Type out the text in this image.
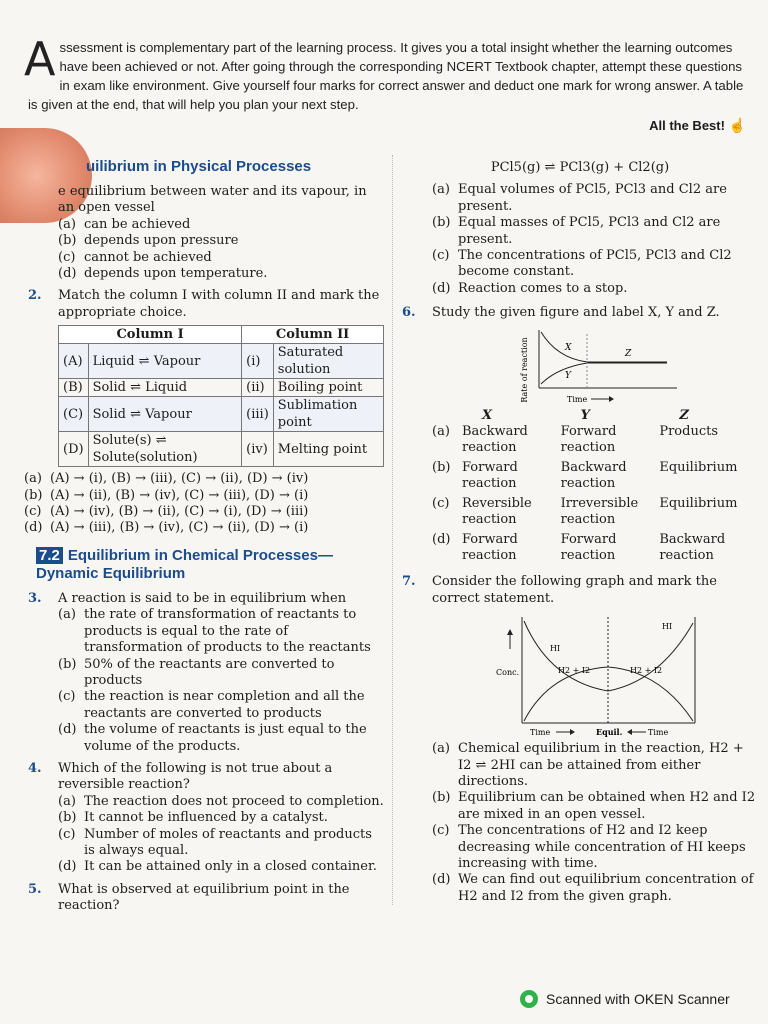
A ssessment is complementary part of the learning process. It gives you a total insight whether the learning outcomes have been achieved or not. After going through the corresponding NCERT Textbook chapter, attempt these questions in exam like environment. Give yourself four marks for correct answer and deduct one mark for wrong answer. A table is given at the end, that will help you plan your next step.
All the Best! ☝
uilibrium in Physical Processes
e equilibrium between water and its vapour, in an open vessel
(a) can be achieved
(b) depends upon pressure
(c) cannot be achieved
(d) depends upon temperature.
2. Match the column I with column II and mark the appropriate choice.
Column I		Column II	
(A)	Liquid ⇌ Vapour	(i)	Saturated solution
(B)	Solid ⇌ Liquid	(ii)	Boiling point
(C)	Solid ⇌ Vapour	(iii)	Sublimation point
(D)	Solute(s) ⇌ Solute(solution)	(iv)	Melting point
(a) (A) → (i), (B) → (iii), (C) → (ii), (D) → (iv)
(b) (A) → (ii), (B) → (iv), (C) → (iii), (D) → (i)
(c) (A) → (iv), (B) → (ii), (C) → (i), (D) → (iii)
(d) (A) → (iii), (B) → (iv), (C) → (ii), (D) → (i)
7.2 Equilibrium in Chemical Processes— Dynamic Equilibrium
3. A reaction is said to be in equilibrium when
(a) the rate of transformation of reactants to products is equal to the rate of transformation of products to the reactants
(b) 50% of the reactants are converted to products
(c) the reaction is near completion and all the reactants are converted to products
(d) the volume of reactants is just equal to the volume of the products.
4. Which of the following is not true about a reversible reaction?
(a) The reaction does not proceed to completion.
(b) It cannot be influenced by a catalyst.
(c) Number of moles of reactants and products is always equal.
(d) It can be attained only in a closed container.
5. What is observed at equilibrium point in the reaction?
PCl5(g) ⇌ PCl3(g) + Cl2(g)
(a) Equal volumes of PCl5, PCl3 and Cl2 are present.
(b) Equal masses of PCl5, PCl3 and Cl2 are present.
(c) The concentrations of PCl5, PCl3 and Cl2 become constant.
(d) Reaction comes to a stop.
6. Study the given figure and label X, Y and Z.
Rate of reaction	X
Y
Z
Time
X	Y	Z
(a) Backward reaction
Forward reaction
Products
(b) Forward reaction
Backward reaction
Equilibrium
(c) Reversible reaction
Irreversible reaction
Equilibrium
(d) Forward reaction
Forward reaction
Backward reaction
7. Consider the following graph and mark the correct statement.
Conc.
HI
HI
H2 + I2	H2 + I2
Time	Equil.	Time
(a) Chemical equilibrium in the reaction, H2 + I2 ⇌ 2HI can be attained from either directions.
(b) Equilibrium can be obtained when H2 and I2 are mixed in an open vessel.
(c) The concentrations of H2 and I2 keep decreasing while concentration of HI keeps increasing with time.
(d) We can find out equilibrium concentration of H2 and I2 from the given graph.
Scanned with OKEN Scanner
